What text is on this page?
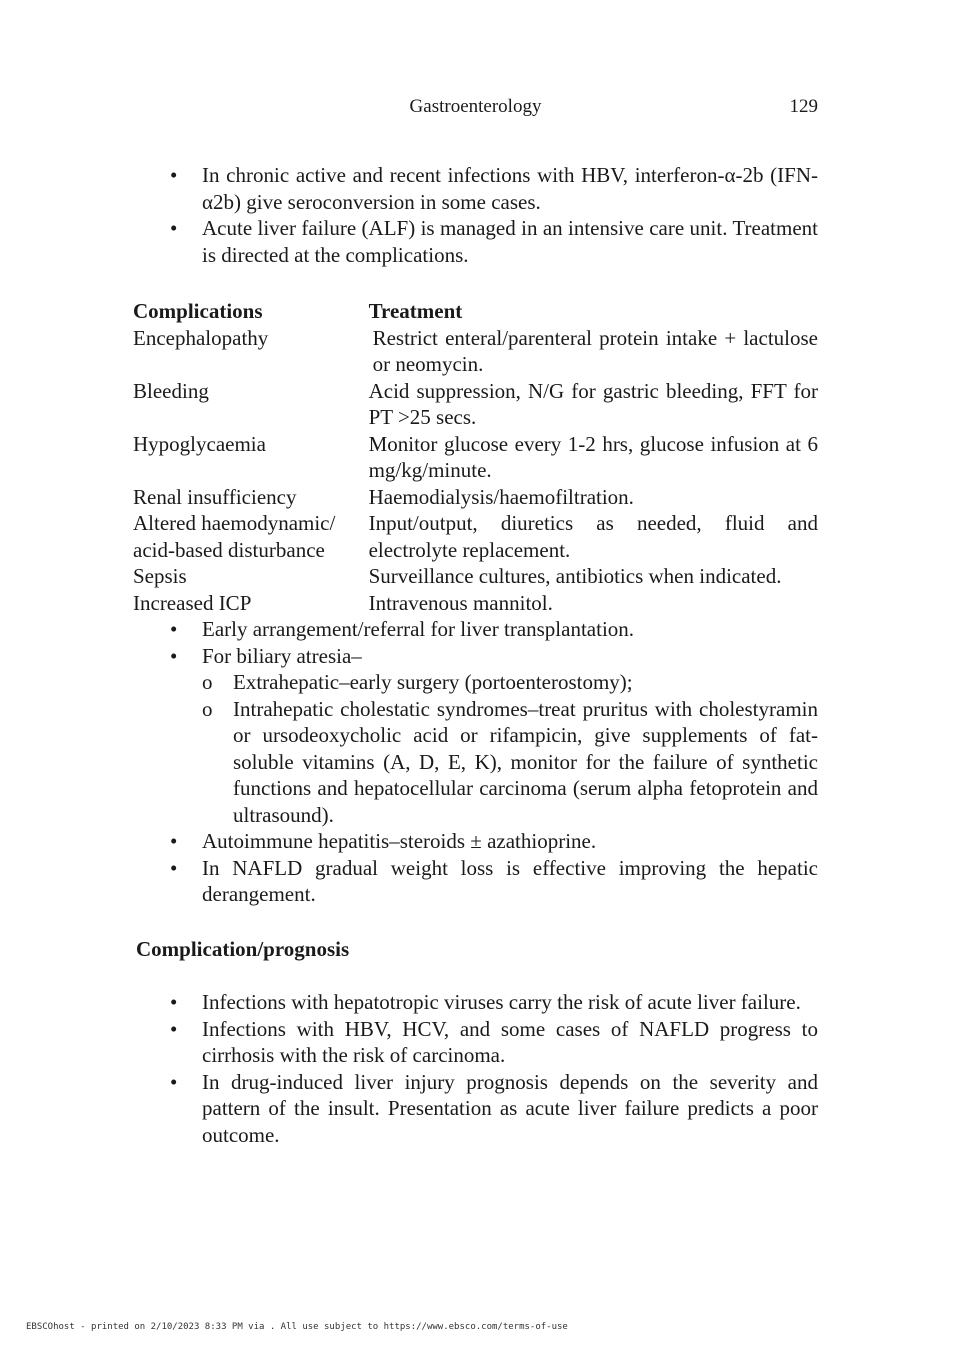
Gastroenterology	129
• In chronic active and recent infections with HBV, interferon-α-2b (IFN-α2b) give seroconversion in some cases.
• Acute liver failure (ALF) is managed in an intensive care unit. Treatment is directed at the complications.
Complications	Treatment
Encephalopathy	Restrict enteral/parenteral protein intake + lactulose or neomycin.
Bleeding	Acid suppression, N/G for gastric bleeding, FFT for PT >25 secs.
Hypoglycaemia	Monitor glucose every 1-2 hrs, glucose infusion at 6 mg/kg/minute.
Renal insufficiency	Haemodialysis/haemofiltration.
Altered haemodynamic/ acid-based disturbance	Input/output, diuretics as needed, fluid and electrolyte replacement.
Sepsis	Surveillance cultures, antibiotics when indicated.
Increased ICP	Intravenous mannitol.
• Early arrangement/referral for liver transplantation.
• For biliary atresia–
o Extrahepatic–early surgery (portoenterostomy);
o Intrahepatic cholestatic syndromes–treat pruritus with cholestyramin or ursodeoxycholic acid or rifampicin, give supplements of fat-soluble vitamins (A, D, E, K), monitor for the failure of synthetic functions and hepatocellular carcinoma (serum alpha fetoprotein and ultrasound).
• Autoimmune hepatitis–steroids ± azathioprine.
• In NAFLD gradual weight loss is effective improving the hepatic derangement.
Complication/prognosis
• Infections with hepatotropic viruses carry the risk of acute liver failure.
• Infections with HBV, HCV, and some cases of NAFLD progress to cirrhosis with the risk of carcinoma.
• In drug-induced liver injury prognosis depends on the severity and pattern of the insult. Presentation as acute liver failure predicts a poor outcome.
EBSCOhost - printed on 2/10/2023 8:33 PM via . All use subject to https://www.ebsco.com/terms-of-use
